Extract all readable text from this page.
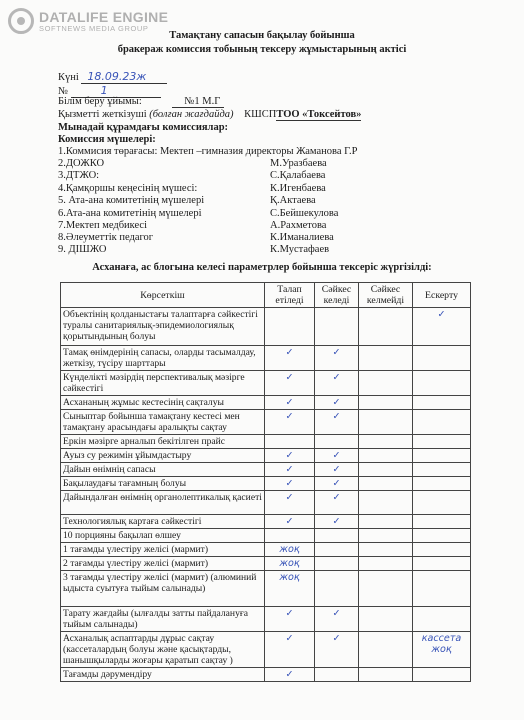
DATALIFE ENGINE
SOFTNEWS MEDIA GROUP
Тамақтану сапасын бақылау бойынша
бракераж комиссия тобының тексеру жұмыстарының актісі
Күні 18.09.23ж
№	1
Білім беру ұйымы:	№1 М.Г
Қызметті жеткізуші (болған жағдайда) КШСПТОО «Токсейтов»
Мынадай құрамдағы комиссиялар:
Комиссия мүшелері:
1.Коммисия төрағасы: Мектеп –гимназия директоры Жаманова Г.Р
2.ДОЖКО	М.Уразбаева
3.ДТЖО:	С.Қалабаева
4.Қамқоршы кеңесінің мүшесі:	К.Игенбаева
5. Ата-ана комитетінің мүшелері	Қ.Актаева
6.Ата-ана комитетінің мүшелері	С.Бейшекулова
7.Мектеп медбикесі	А.Рахметова
8.Әлеуметтік педагог	К.Иманалиева
9. ДІШЖО	К.Мустафаев
Асханаға, ас блогына келесі параметрлер бойынша тексеріс жүргізілді:
Көрсеткіш	Талап етіледі	Сәйкес келеді	Сәйкес келмейді	Ескерту
Объектінің қолданыстағы талаптарға сәйкестігі туралы санитариялық-эпидемиологиялық қорытындының болуы				✓
Тамақ өнімдерінің сапасы, оларды тасымалдау, жеткізу, түсіру шарттары	✓	✓		
Күнделікті мәзірдің перспективалық мәзірге сәйкестігі	✓	✓		
Асхананың жұмыс кестесінің сақталуы	✓	✓		
Сыныптар бойынша тамақтану кестесі мен тамақтану арасындағы аралықты сақтау	✓	✓		
Еркін мәзірге арналып бекітілген прайс				
Ауыз су режимін ұйымдастыру	✓	✓		
Дайын өнімнің сапасы	✓	✓		
Бақылаудағы тағамның болуы	✓	✓		
Дайындалған өнімнің органолептикалық қасиеті	✓	✓		
Технологиялық картаға сәйкестігі	✓	✓		
10 порцияны бақылап өлшеу				
1 тағамды үлестіру желісі (мармит)	жоқ			
2 тағамды үлестіру желісі (мармит)	жоқ			
3 тағамды үлестіру желісі (мармит) (алюминий ыдыста суытуға тыйым салынады)	жоқ			
Тарату жағдайы (ылғалды затты пайдалануға тыйым салынады)	✓	✓		
Асханалық аспаптарды дұрыс сақтау (кассеталардың болуы және қасықтарды, шанышқыларды жоғары қаратып сақтау )	✓	✓		кассета жоқ
Тағамды дәрумендіру	✓			
